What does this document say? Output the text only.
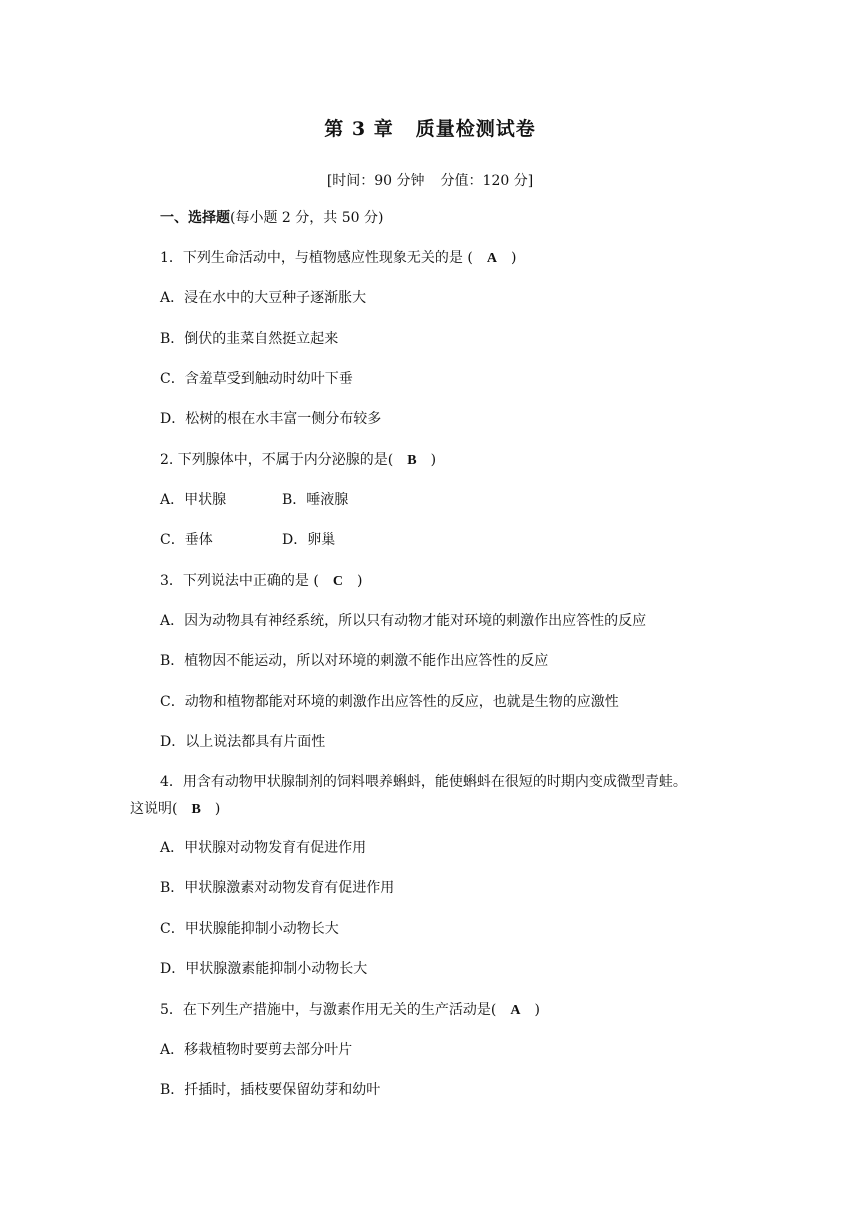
第 3 章 质量检测试卷
[时间：90 分钟 分值：120 分]
一、选择题(每小题 2 分，共 50 分)
1．下列生命活动中，与植物感应性现象无关的是 ( A )
A．浸在水中的大豆种子逐渐胀大
B．倒伏的韭菜自然挺立起来
C．含羞草受到触动时幼叶下垂
D．松树的根在水丰富一侧分布较多
2. 下列腺体中，不属于内分泌腺的是( B )
A．甲状腺	B．唾液腺
C．垂体	D．卵巢
3．下列说法中正确的是 ( C )
A．因为动物具有神经系统，所以只有动物才能对环境的刺激作出应答性的反应
B．植物因不能运动，所以对环境的刺激不能作出应答性的反应
C．动物和植物都能对环境的刺激作出应答性的反应，也就是生物的应激性
D．以上说法都具有片面性
4．用含有动物甲状腺制剂的饲料喂养蝌蚪，能使蝌蚪在很短的时期内变成微型青蛙。
这说明( B )
A．甲状腺对动物发育有促进作用
B．甲状腺激素对动物发育有促进作用
C．甲状腺能抑制小动物长大
D．甲状腺激素能抑制小动物长大
5．在下列生产措施中，与激素作用无关的生产活动是( A )
A．移栽植物时要剪去部分叶片
B．扦插时，插枝要保留幼芽和幼叶
